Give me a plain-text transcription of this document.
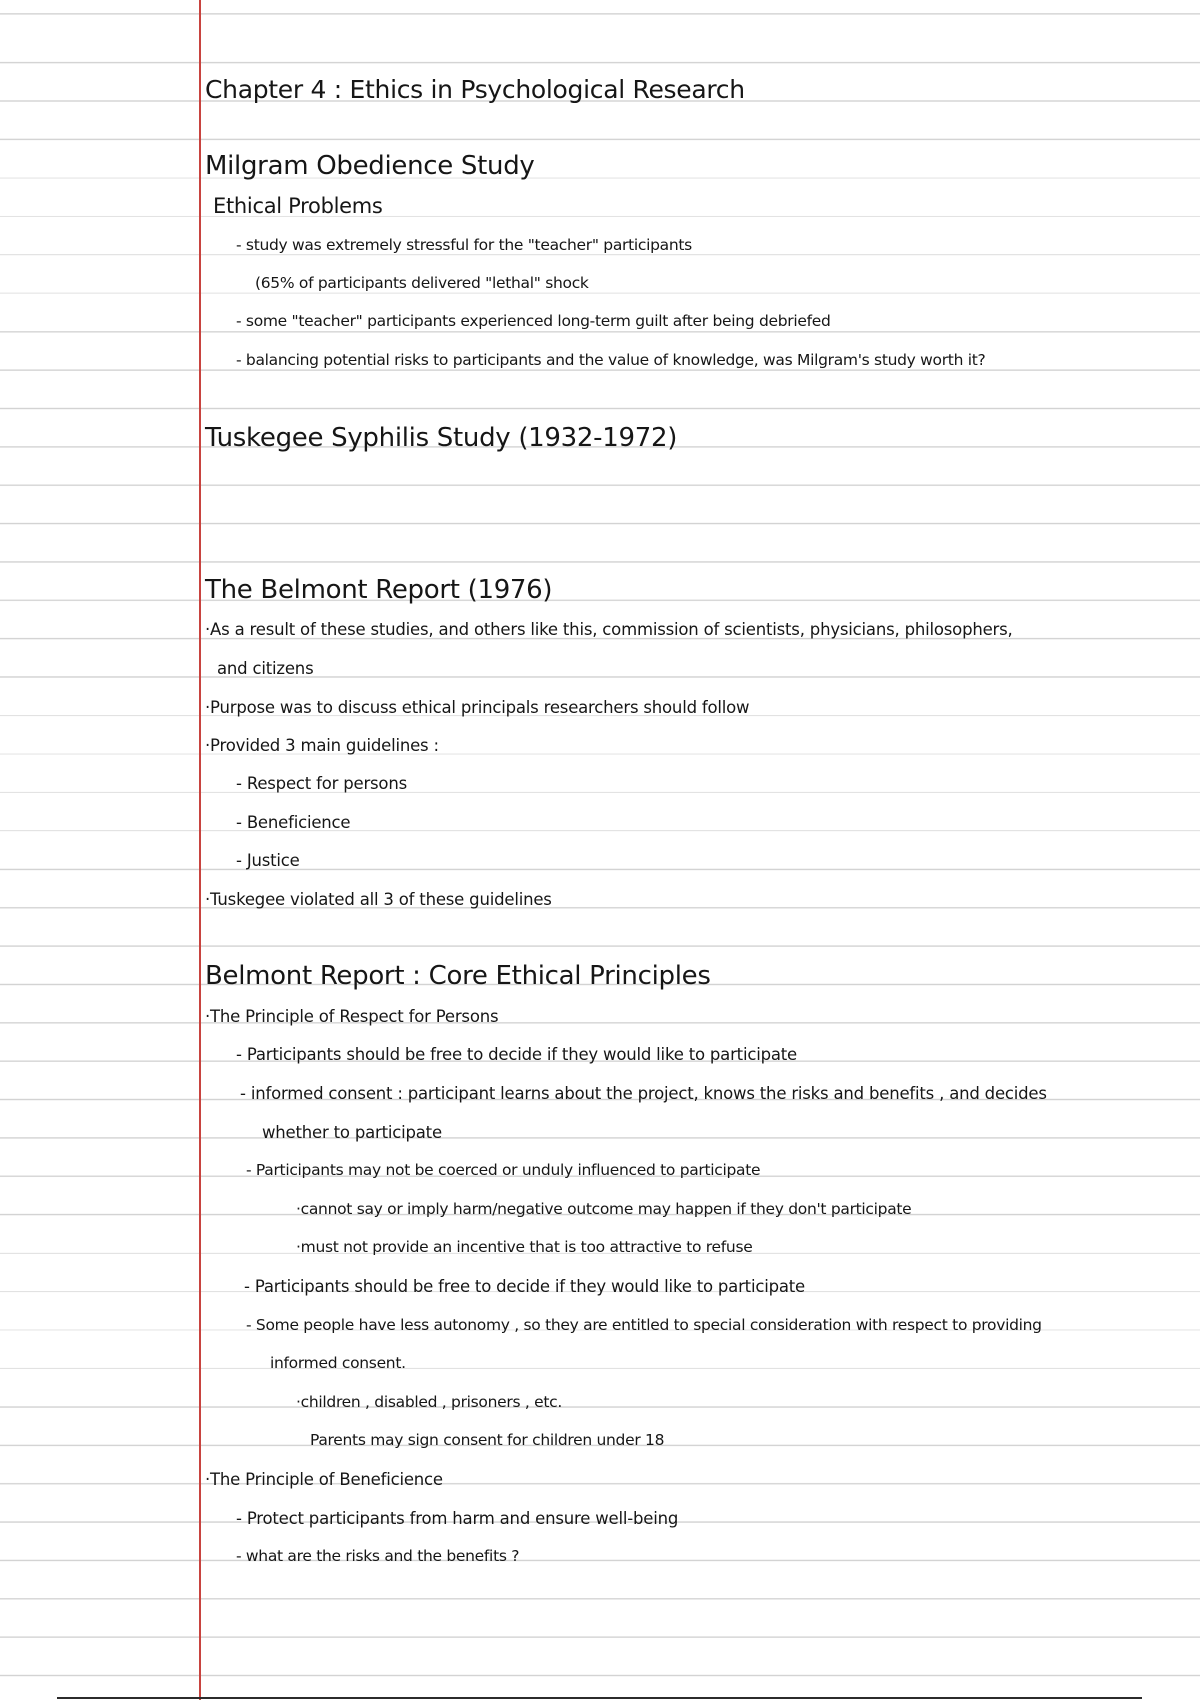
Chapter 4 : Ethics in Psychological Research
Milgram Obedience Study
Ethical Problems
- study was extremely stressful for the "teacher" participants
(65% of participants delivered "lethal" shock
- some "teacher" participants experienced long-term guilt after being debriefed
- balancing potential risks to participants and the value of knowledge, was Milgram's study worth it?
Tuskegee Syphilis Study (1932-1972)
The Belmont Report (1976)
· As a result of these studies, and others like this, commission of scientists, physicians, philosophers,
and citizens
· Purpose was to discuss ethical principals researchers should follow
· Provided 3 main guidelines :
- Respect for persons
- Beneficience
- Justice
· Tuskegee violated all 3 of these guidelines
Belmont Report : Core Ethical Principles
· The Principle of Respect for Persons
- Participants should be free to decide if they would like to participate
- informed consent : participant learns about the project, knows the risks and benefits , and decides
whether to participate
- Participants may not be coerced or unduly influenced to participate
· cannot say or imply harm/negative outcome may happen if they don't participate
· must not provide an incentive that is too attractive to refuse
- Participants should be free to decide if they would like to participate
- Some people have less autonomy , so they are entitled to special consideration with respect to providing
informed consent.
· children , disabled , prisoners , etc.
Parents may sign consent for children under 18
· The Principle of Beneficience
- Protect participants from harm and ensure well-being
- what are the risks and the benefits ?
